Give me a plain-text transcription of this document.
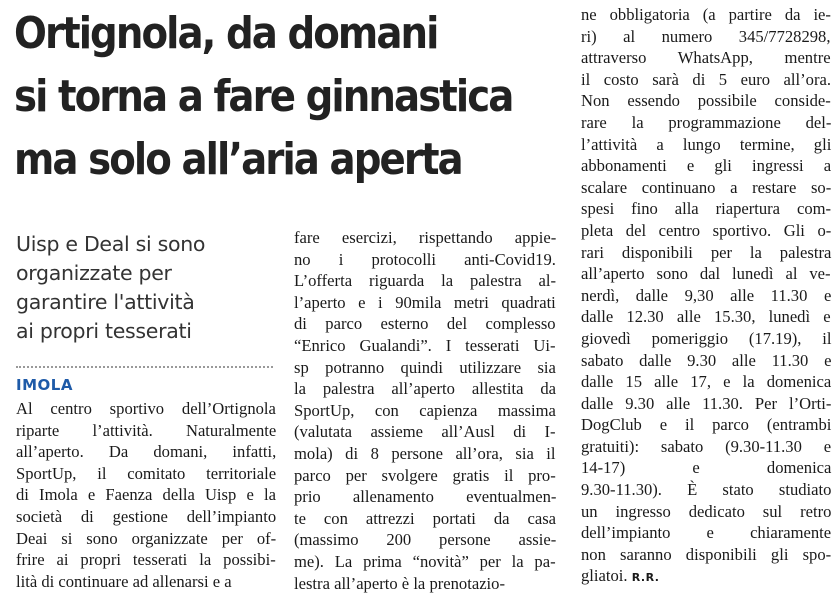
Ortignola, da domani
si torna a fare ginnastica
ma solo all’aria aperta
Uisp e Deal si sono
organizzate per
garantire l'attività
ai propri tesserati
IMOLA
Al centro sportivo dell’Ortignola
riparte l’attività. Naturalmente
all’aperto. Da domani, infatti,
SportUp, il comitato territoriale
di Imola e Faenza della Uisp e la
società di gestione dell’impianto
Deai si sono organizzate per of-
frire ai propri tesserati la possibi-
lità di continuare ad allenarsi e a
fare esercizi, rispettando appie-
no i protocolli anti-Covid19.
L’offerta riguarda la palestra al-
l’aperto e i 90mila metri quadrati
di parco esterno del complesso
“Enrico Gualandi”. I tesserati Ui-
sp potranno quindi utilizzare sia
la palestra all’aperto allestita da
SportUp, con capienza massima
(valutata assieme all’Ausl di I-
mola) di 8 persone all’ora, sia il
parco per svolgere gratis il pro-
prio allenamento eventualmen-
te con attrezzi portati da casa
(massimo 200 persone assie-
me). La prima “novità” per la pa-
lestra all’aperto è la prenotazio-
ne obbligatoria (a partire da ie-
ri) al numero 345/7728298,
attraverso WhatsApp, mentre
il costo sarà di 5 euro all’ora.
Non essendo possibile conside-
rare la programmazione del-
l’attività a lungo termine, gli
abbonamenti e gli ingressi a
scalare continuano a restare so-
spesi fino alla riapertura com-
pleta del centro sportivo. Gli o-
rari disponibili per la palestra
all’aperto sono dal lunedì al ve-
nerdì, dalle 9,30 alle 11.30 e
dalle 12.30 alle 15.30, lunedì e
giovedì pomeriggio (17.19), il
sabato dalle 9.30 alle 11.30 e
dalle 15 alle 17, e la domenica
dalle 9.30 alle 11.30. Per l’Orti-
DogClub e il parco (entrambi
gratuiti): sabato (9.30-11.30 e
14-17) e domenica
9.30-11.30). È stato studiato
un ingresso dedicato sul retro
dell’impianto e chiaramente
non saranno disponibili gli spo-
gliatoi. R.R.
